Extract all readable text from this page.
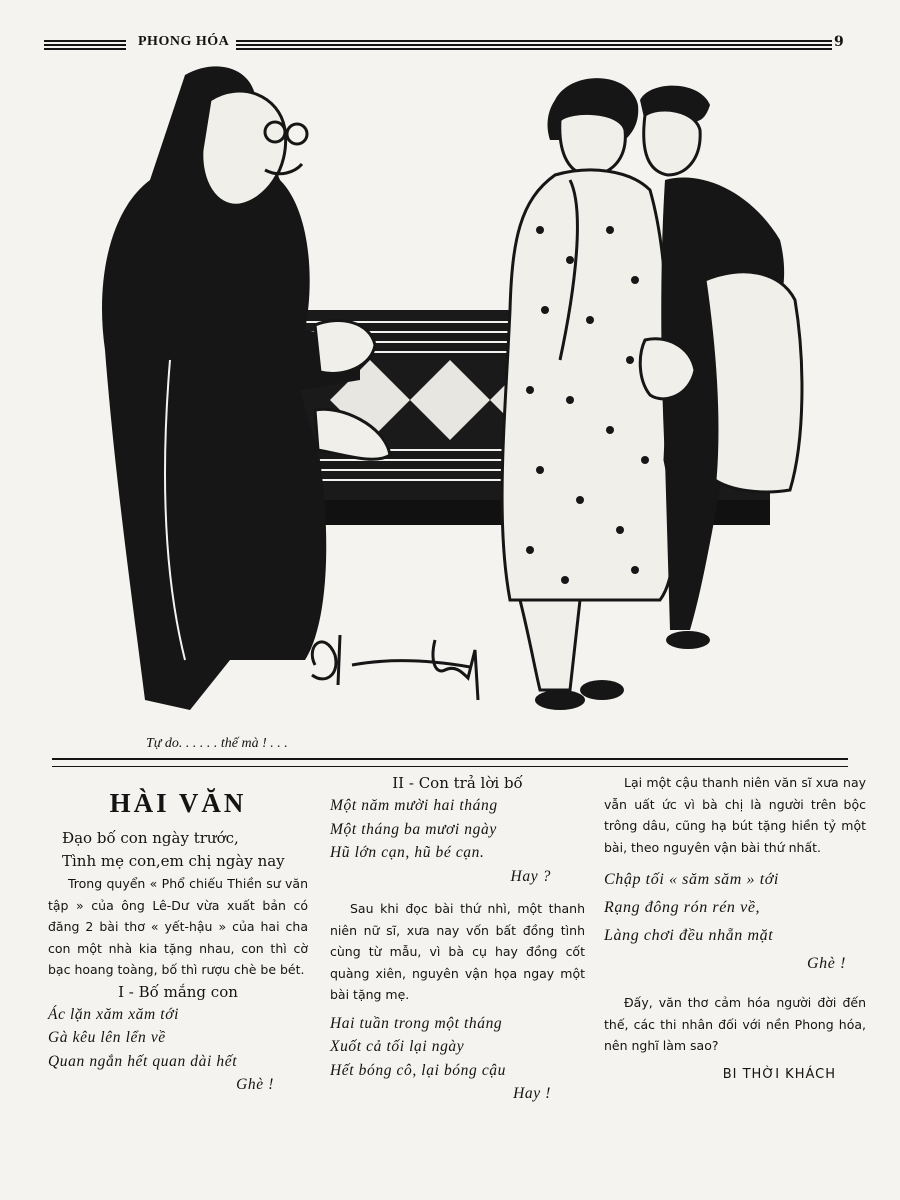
PHONG HÓA	9
Tự do. . . . . . thế mà ! . . .
HÀI VĂN
Đạo bố con ngày trước,
Tình mẹ con,em chị ngày nay

Trong quyển « Phổ chiếu Thiền sư văn tập » của ông Lê-Dư vừa xuất bản có đăng 2 bài thơ « yết-hậu » của hai cha con một nhà kia tặng nhau, con thì cờ bạc hoang toàng, bố thì rượu chè be bét.

I - Bố mắng con
Ác lặn xăm xăm tới
Gà kêu lên lển về
Quan ngắn hết quan dài hết
Ghè !
II - Con trả lời bố
Một năm mười hai tháng
Một tháng ba mươi ngày
Hũ lớn cạn, hũ bé cạn.
Hay ?

Sau khi đọc bài thứ nhì, một thanh niên nữ sĩ, xưa nay vốn bất đồng tình cùng từ mẫu, vì bà cụ hay đồng cốt quàng xiên, nguyên vận họa ngay một bài tặng mẹ.

Hai tuần trong một tháng
Xuốt cả tối lại ngày
Hết bóng cô, lại bóng cậu
Hay !

Lại một cậu thanh niên văn sĩ xưa nay vẫn uất ức vì bà chị là người trên bộc trông dâu, cũng hạ bút tặng hiền tỷ một bài, theo nguyên vận bài thứ nhất.

Chập tối « săm săm » tới
Rạng đông rón rén về,
Làng chơi đều nhẵn mặt
Ghè !

Đấy, văn thơ cảm hóa người đời đến thế, các thi nhân đối với nền Phong hóa, nên nghĩ làm sao?

BI THỜI KHÁCH
